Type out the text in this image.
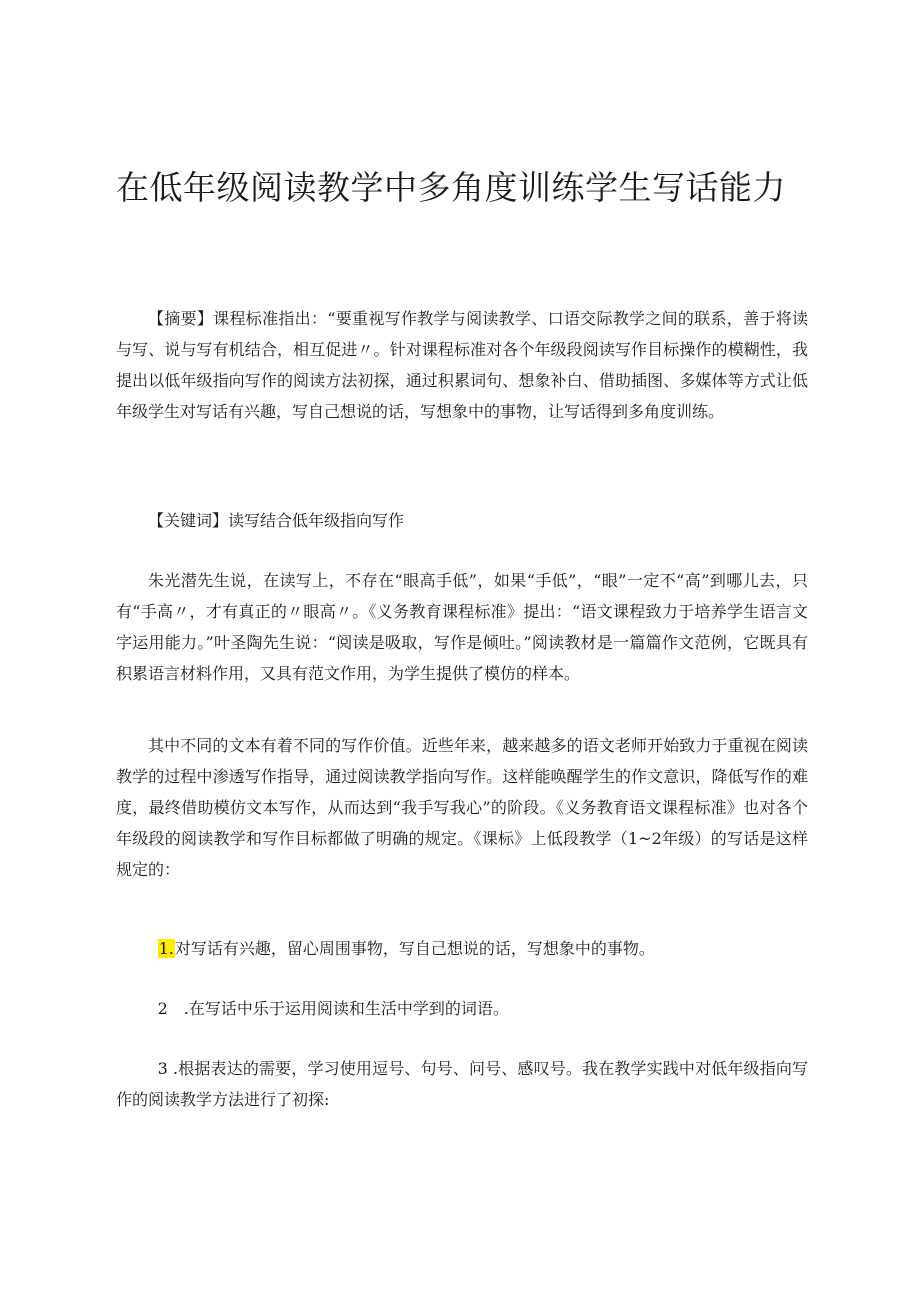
在低年级阅读教学中多角度训练学生写话能力

【摘要】课程标准指出：“要重视写作教学与阅读教学、口语交际教学之间的联系，善于将读与写、说与写有机结合，相互促进〃。针对课程标准对各个年级段阅读写作目标操作的模糊性，我提出以低年级指向写作的阅读方法初探，通过积累词句、想象补白、借助插图、多媒体等方式让低年级学生对写话有兴趣，写自己想说的话，写想象中的事物，让写话得到多角度训练。

【关键词】读写结合低年级指向写作

朱光潜先生说，在读写上，不存在“眼高手低”，如果“手低”，“眼”一定不“高”到哪儿去，只有“手高〃，才有真正的〃眼高〃。《义务教育课程标准》提出：“语文课程致力于培养学生语言文字运用能力。”叶圣陶先生说：“阅读是吸取，写作是倾吐。”阅读教材是一篇篇作文范例，它既具有积累语言材料作用，又具有范文作用，为学生提供了模仿的样本。

其中不同的文本有着不同的写作价值。近些年来，越来越多的语文老师开始致力于重视在阅读教学的过程中渗透写作指导，通过阅读教学指向写作。这样能唤醒学生的作文意识，降低写作的难度，最终借助模仿文本写作，从而达到“我手写我心”的阶段。《义务教育语文课程标准》也对各个年级段的阅读教学和写作目标都做了明确的规定。《课标》上低段教学（1~2年级）的写话是这样规定的：

1.对写话有兴趣，留心周围事物，写自己想说的话，写想象中的事物。

2　.在写话中乐于运用阅读和生活中学到的词语。

3 .根据表达的需要，学习使用逗号、句号、问号、感叹号。我在教学实践中对低年级指向写作的阅读教学方法进行了初探:
